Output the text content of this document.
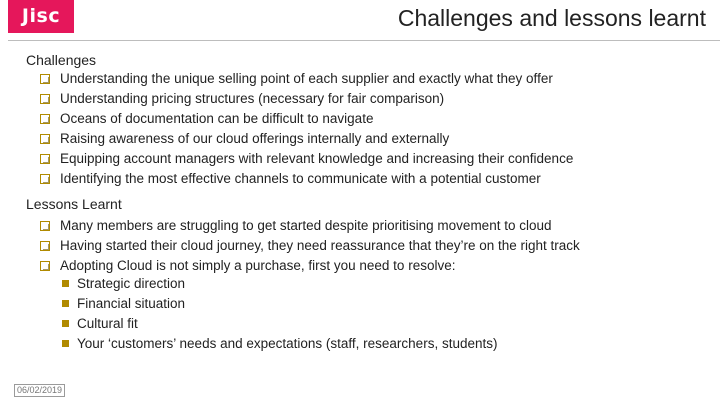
Jisc	Challenges and lessons learnt
Challenges
Understanding the unique selling point of each supplier and exactly what they offer
Understanding pricing structures (necessary for fair comparison)
Oceans of documentation can be difficult to navigate
Raising awareness of our cloud offerings internally and externally
Equipping account managers with relevant knowledge and increasing their confidence
Identifying the most effective channels to communicate with a potential customer
Lessons Learnt
Many members are struggling to get started despite prioritising movement to cloud
Having started their cloud journey, they need reassurance that they’re on the right track
Adopting Cloud is not simply a purchase, first you need to resolve:
Strategic direction
Financial situation
Cultural fit
Your ‘customers’ needs and expectations (staff, researchers, students)
06/02/2019
